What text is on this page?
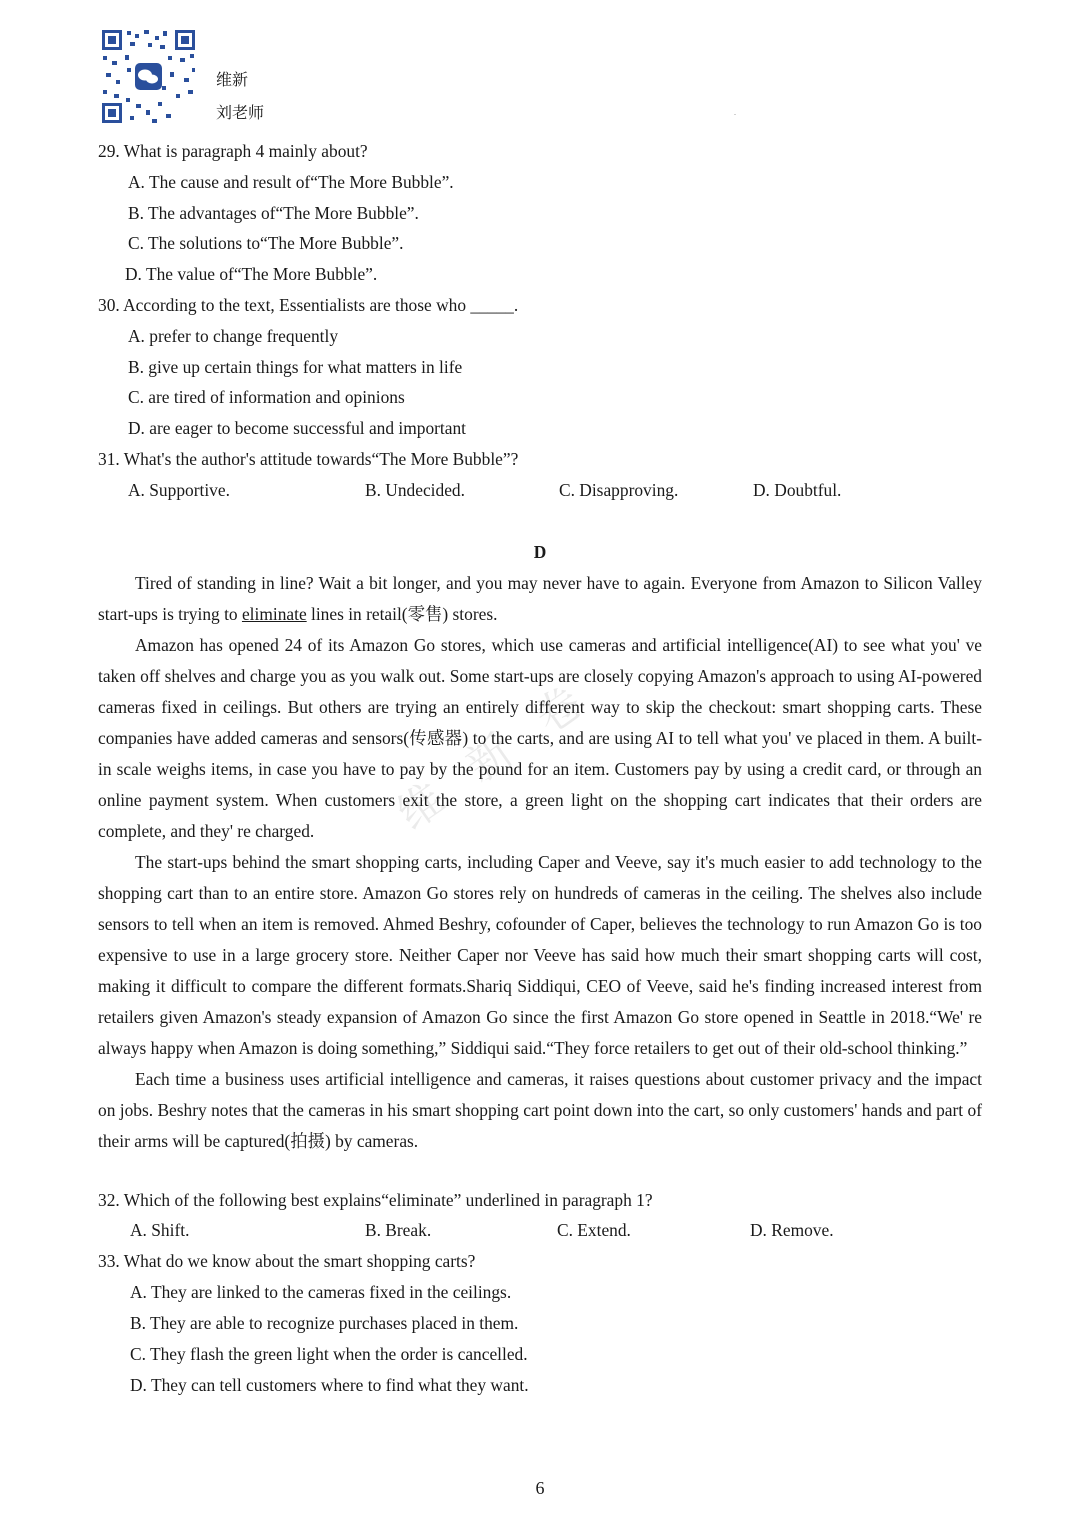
维新
刘老师	.
维新卷
29. What is paragraph 4 mainly about?
A. The cause and result of“The More Bubble”.
B. The advantages of“The More Bubble”.
C. The solutions to“The More Bubble”.
D. The value of“The More Bubble”.
30. According to the text, Essentialists are those who _____.
A. prefer to change frequently
B. give up certain things for what matters in life
C. are tired of information and opinions
D. are eager to become successful and important
31. What's the author's attitude towards“The More Bubble”?
A. Supportive.	B. Undecided.	C. Disapproving.	D. Doubtful.
D

Tired of standing in line? Wait a bit longer, and you may never have to again. Everyone from Amazon to Silicon Valley start-ups is trying to eliminate lines in retail(零售) stores.

Amazon has opened 24 of its Amazon Go stores, which use cameras and artificial intelligence(AI) to see what you' ve taken off shelves and charge you as you walk out. Some start-ups are closely copying Amazon's approach to using AI-powered cameras fixed in ceilings. But others are trying an entirely different way to skip the checkout: smart shopping carts. These companies have added cameras and sensors(传感器) to the carts, and are using AI to tell what you' ve placed in them. A built-in scale weighs items, in case you have to pay by the pound for an item. Customers pay by using a credit card, or through an online payment system. When customers exit the store, a green light on the shopping cart indicates that their orders are complete, and they' re charged.

The start-ups behind the smart shopping carts, including Caper and Veeve, say it's much easier to add technology to the shopping cart than to an entire store. Amazon Go stores rely on hundreds of cameras in the ceiling. The shelves also include sensors to tell when an item is removed. Ahmed Beshry, cofounder of Caper, believes the technology to run Amazon Go is too expensive to use in a large grocery store. Neither Caper nor Veeve has said how much their smart shopping carts will cost, making it difficult to compare the different formats.Shariq Siddiqui, CEO of Veeve, said he's finding increased interest from retailers given Amazon's steady expansion of Amazon Go since the first Amazon Go store opened in Seattle in 2018.“We' re always happy when Amazon is doing something,” Siddiqui said.“They force retailers to get out of their old-school thinking.”

Each time a business uses artificial intelligence and cameras, it raises questions about customer privacy and the impact on jobs. Beshry notes that the cameras in his smart shopping cart point down into the cart, so only customers' hands and part of their arms will be captured(拍摄) by cameras.

32. Which of the following best explains“eliminate” underlined in paragraph 1?
A. Shift.	B. Break.	C. Extend.	D. Remove.
33. What do we know about the smart shopping carts?
A. They are linked to the cameras fixed in the ceilings.
B. They are able to recognize purchases placed in them.
C. They flash the green light when the order is cancelled.
D. They can tell customers where to find what they want.
6
